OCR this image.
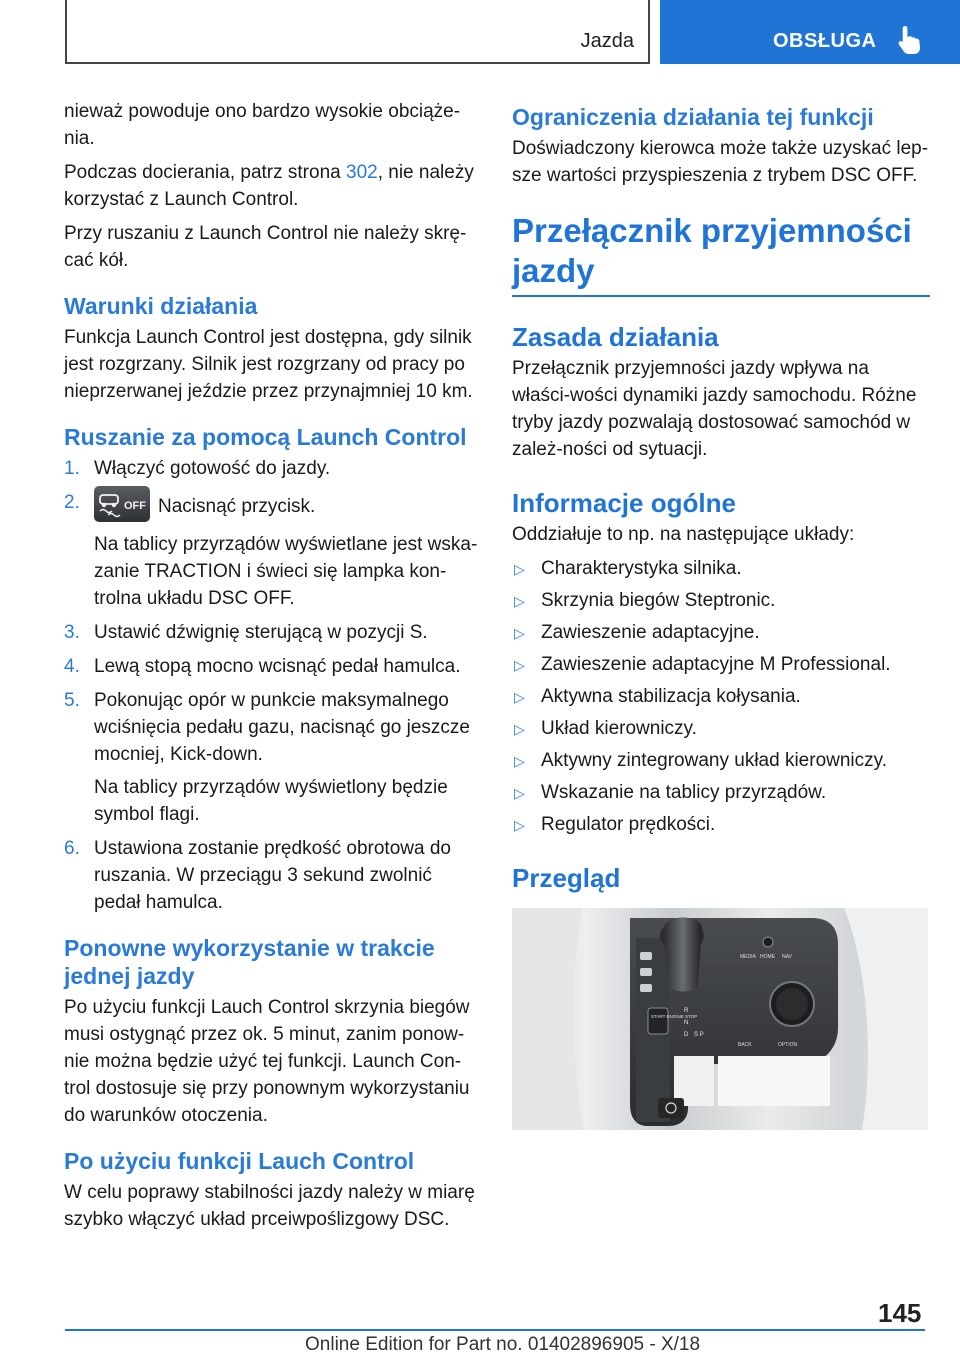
Jazda	OBSŁUGA

nieważ powoduje ono bardzo wysokie obciąże-nia.

Podczas docierania, patrz strona 302, nie należy korzystać z Launch Control.

Przy ruszaniu z Launch Control nie należy skrę-cać kół.

Warunki działania

Funkcja Launch Control jest dostępna, gdy silnik jest rozgrzany. Silnik jest rozgrzany od pracy po nieprzerwanej jeździe przez przynajmniej 10 km.

Ruszanie za pomocą Launch Control
1. Włączyć gotowość do jazdy.
2.	OFF Nacisnąć przycisk.
Na tablicy przyrządów wyświetlane jest wska-zanie TRACTION i świeci się lampka kon-trolna układu DSC OFF.
3. Ustawić dźwignię sterującą w pozycji S.
4. Lewą stopą mocno wcisnąć pedał hamulca.
5. Pokonując opór w punkcie maksymalnego wciśnięcia pedału gazu, nacisnąć go jeszcze mocniej, Kick-down.
Na tablicy przyrządów wyświetlony będzie symbol flagi.
6. Ustawiona zostanie prędkość obrotowa do ruszania. W przeciągu 3 sekund zwolnić pedał hamulca.
Ponowne wykorzystanie w trakcie jednej jazdy

Po użyciu funkcji Lauch Control skrzynia biegów musi ostygnąć przez ok. 5 minut, zanim ponow-nie można będzie użyć tej funkcji. Launch Con-trol dostosuje się przy ponownym wykorzystaniu do warunków otoczenia.

Po użyciu funkcji Lauch Control

W celu poprawy stabilności jazdy należy w miarę szybko włączyć układ prceiwpoślizgowy DSC.

Ograniczenia działania tej funkcji

Doświadczony kierowca może także uzyskać lep-sze wartości przyspieszenia z trybem DSC OFF.

Przełącznik przyjemności jazdy
Zasada działania

Przełącznik przyjemności jazdy wpływa na właści-wości dynamiki jazdy samochodu. Różne tryby jazdy pozwalają dostosować samochód w zależ-ności od sytuacji.

Informacje ogólne

Oddziałuje to np. na następujące układy:

▷ Charakterystyka silnika.
▷ Skrzynia biegów Steptronic.
▷ Zawieszenie adaptacyjne.
▷ Zawieszenie adaptacyjne M Professional.
▷ Aktywna stabilizacja kołysania.
▷ Układ kierowniczy.
▷ Aktywny zintegrowany układ kierowniczy.
▷ Wskazanie na tablicy przyrządów.
▷ Regulator prędkości.
Przegląd
START ENGINE STOP
R
N
D S P
MEDIA HOME NAV
BACK	OPTION
145
Online Edition for Part no. 01402896905 - X/18
